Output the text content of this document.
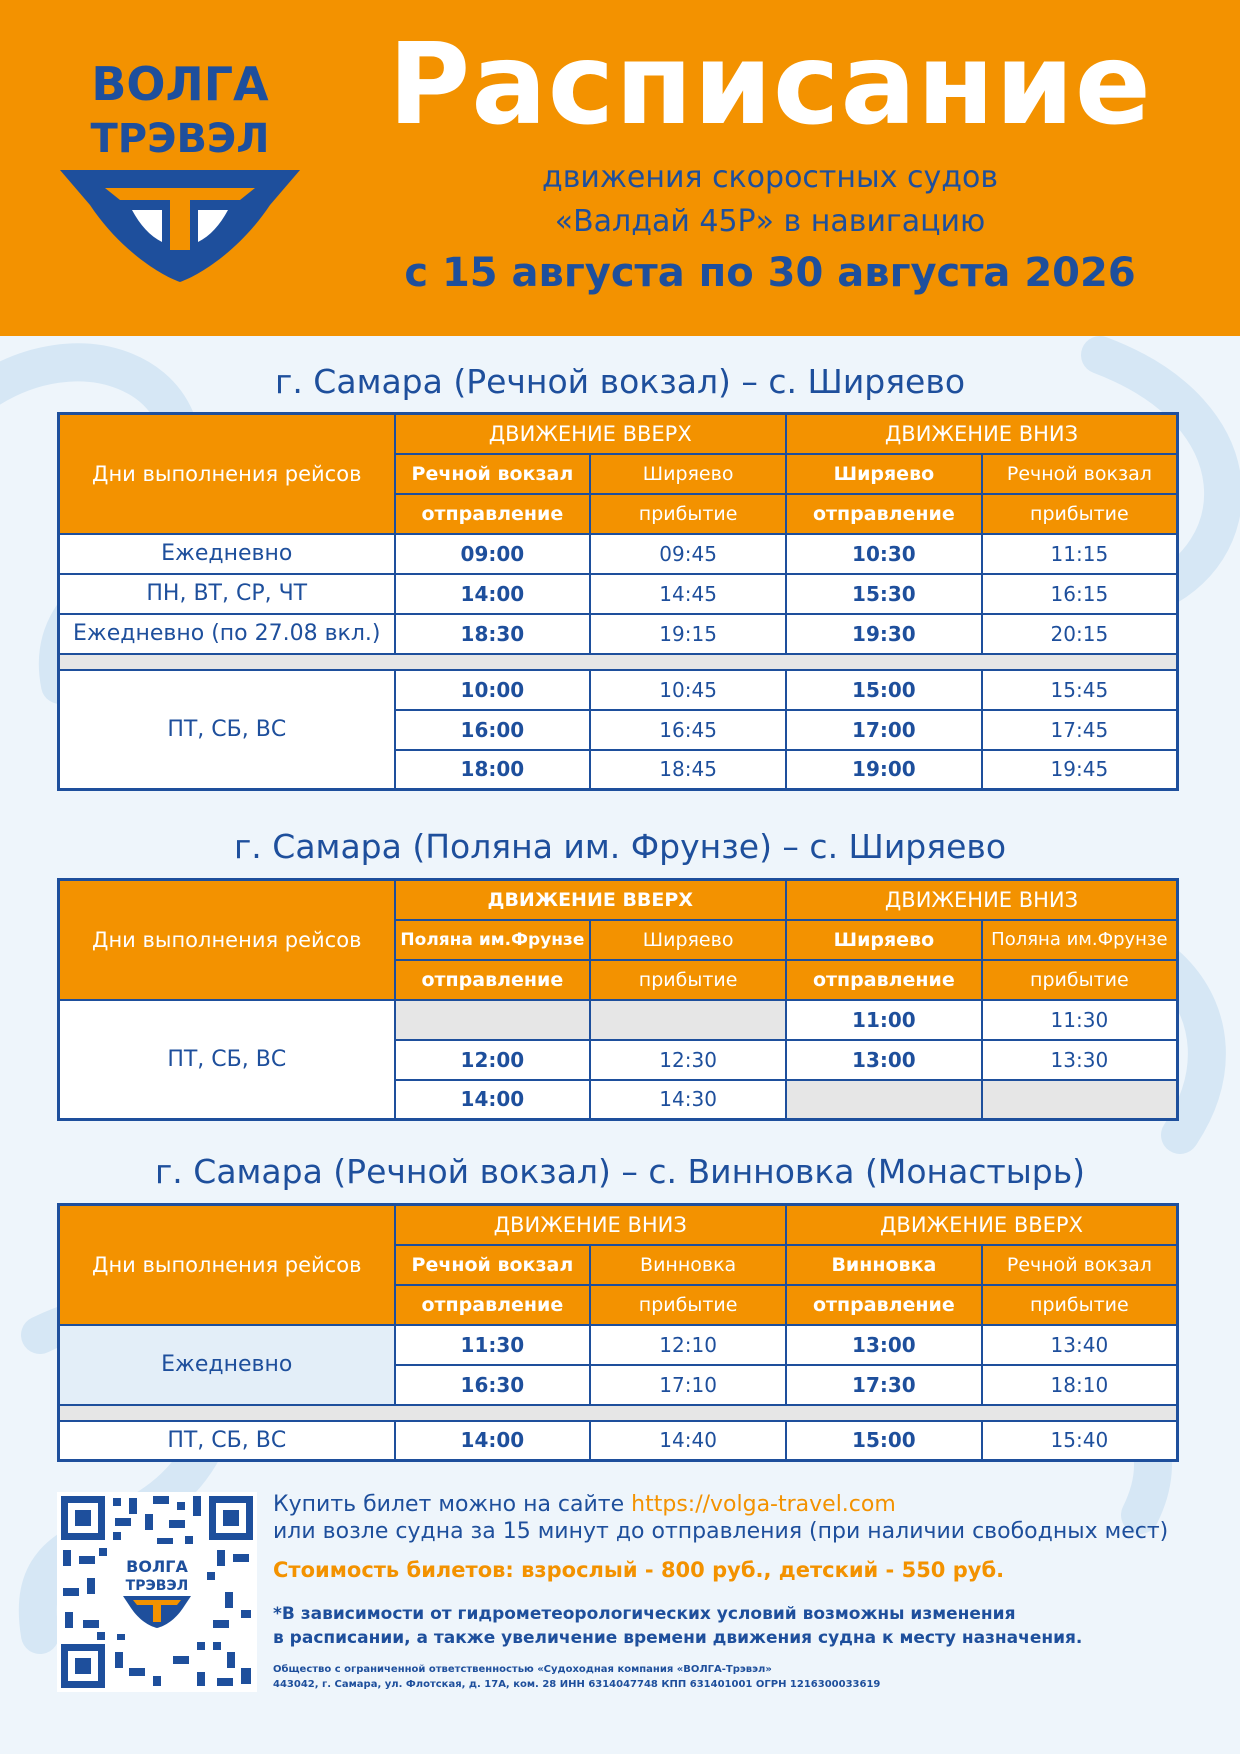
ВОЛГА
ТРЭВЭЛ	Расписание
движения скоростных судов
«Валдай 45Р» в навигацию
с 15 августа по 30 августа 2026
г. Самара (Речной вокзал) – с. Ширяево
Дни выполнения рейсов	ДВИЖЕНИЕ ВВЕРХ		ДВИЖЕНИЕ ВНИЗ	
	Речной вокзал	Ширяево	Ширяево	Речной вокзал
	отправление	прибытие	отправление	прибытие
Ежедневно	09:00	09:45	10:30	11:15
ПН, ВТ, СР, ЧТ	14:00	14:45	15:30	16:15
Ежедневно (по 27.08 вкл.)	18:30	19:15	19:30	20:15

ПТ, СБ, ВС	10:00	10:45	15:00	15:45
	16:00	16:45	17:00	17:45
	18:00	18:45	19:00	19:45
г. Самара (Поляна им. Фрунзе) – с. Ширяево
Дни выполнения рейсов	ДВИЖЕНИЕ ВВЕРХ		ДВИЖЕНИЕ ВНИЗ	
	Поляна им.Фрунзе	Ширяево	Ширяево	Поляна им.Фрунзе
	отправление	прибытие	отправление	прибытие
ПТ, СБ, ВС			11:00	11:30
	12:00	12:30	13:00	13:30
	14:00	14:30		
г. Самара (Речной вокзал) – с. Винновка (Монастырь)
Дни выполнения рейсов	ДВИЖЕНИЕ ВНИЗ		ДВИЖЕНИЕ ВВЕРХ	
	Речной вокзал	Винновка	Винновка	Речной вокзал
	отправление	прибытие	отправление	прибытие
Ежедневно	11:30	12:10	13:00	13:40
	16:30	17:10	17:30	18:10

ПТ, СБ, ВС	14:00	14:40	15:00	15:40
ВОЛГА
ТРЭВЭЛ
Купить билет можно на сайте https://volga-travel.com
или возле судна за 15 минут до отправления (при наличии свободных мест)
Стоимость билетов: взрослый - 800 руб., детский - 550 руб.
*В зависимости от гидрометеорологических условий возможны изменения
в расписании, а также увеличение времени движения судна к месту назначения.
Общество с ограниченной ответственностью «Судоходная компания «ВОЛГА-Трэвэл»
443042, г. Самара, ул. Флотская, д. 17А, ком. 28 ИНН 6314047748 КПП 631401001 ОГРН 1216300033619
